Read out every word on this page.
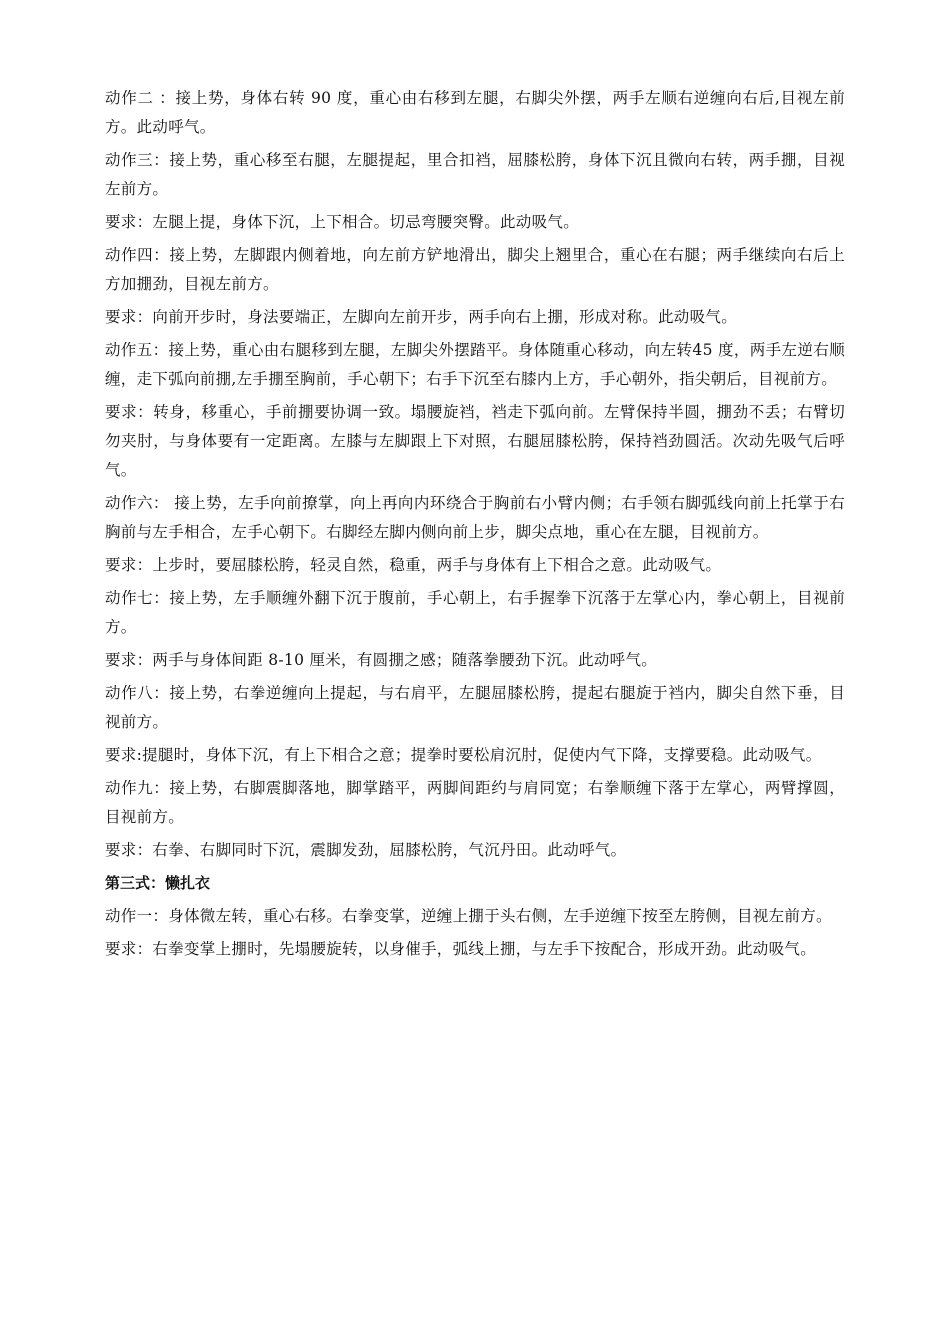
动作二 ：接上势，身体右转 90 度，重心由右移到左腿，右脚尖外摆，两手左顺右逆缠向右后,目视左前方。此动呼气。

动作三：接上势，重心移至右腿，左腿提起，里合扣裆，屈膝松胯，身体下沉且微向右转，两手掤，目视左前方。

要求：左腿上提，身体下沉，上下相合。切忌弯腰突臀。此动吸气。

动作四：接上势，左脚跟内侧着地，向左前方铲地滑出，脚尖上翘里合，重心在右腿；两手继续向右后上方加掤劲，目视左前方。

要求：向前开步时，身法要端正，左脚向左前开步，两手向右上掤，形成对称。此动吸气。

动作五：接上势，重心由右腿移到左腿，左脚尖外摆踏平。身体随重心移动，向左转45 度，两手左逆右顺缠，走下弧向前掤,左手掤至胸前，手心朝下；右手下沉至右膝内上方，手心朝外，指尖朝后，目视前方。

要求：转身，移重心，手前掤要协调一致。塌腰旋裆，裆走下弧向前。左臂保持半圆，掤劲不丢；右臂切勿夹肘，与身体要有一定距离。左膝与左脚跟上下对照，右腿屈膝松胯，保持裆劲圆活。次动先吸气后呼气。

动作六： 接上势，左手向前撩掌，向上再向内环绕合于胸前右小臂内侧；右手领右脚弧线向前上托掌于右胸前与左手相合，左手心朝下。右脚经左脚内侧向前上步，脚尖点地，重心在左腿，目视前方。

要求：上步时，要屈膝松胯，轻灵自然，稳重，两手与身体有上下相合之意。此动吸气。

动作七：接上势，左手顺缠外翻下沉于腹前，手心朝上，右手握拳下沉落于左掌心内，拳心朝上，目视前方。

要求：两手与身体间距 8-10 厘米，有圆掤之感；随落拳腰劲下沉。此动呼气。

动作八：接上势，右拳逆缠向上提起，与右肩平，左腿屈膝松胯，提起右腿旋于裆内，脚尖自然下垂，目视前方。

要求:提腿时，身体下沉，有上下相合之意；提拳时要松肩沉肘，促使内气下降，支撑要稳。此动吸气。

动作九：接上势，右脚震脚落地，脚掌踏平，两脚间距约与肩同宽；右拳顺缠下落于左掌心，两臂撑圆，目视前方。

要求：右拳、右脚同时下沉，震脚发劲，屈膝松胯，气沉丹田。此动呼气。

第三式：懒扎衣

动作一：身体微左转，重心右移。右拳变掌，逆缠上掤于头右侧，左手逆缠下按至左胯侧，目视左前方。

要求：右拳变掌上掤时，先塌腰旋转，以身催手，弧线上掤，与左手下按配合，形成开劲。此动吸气。
